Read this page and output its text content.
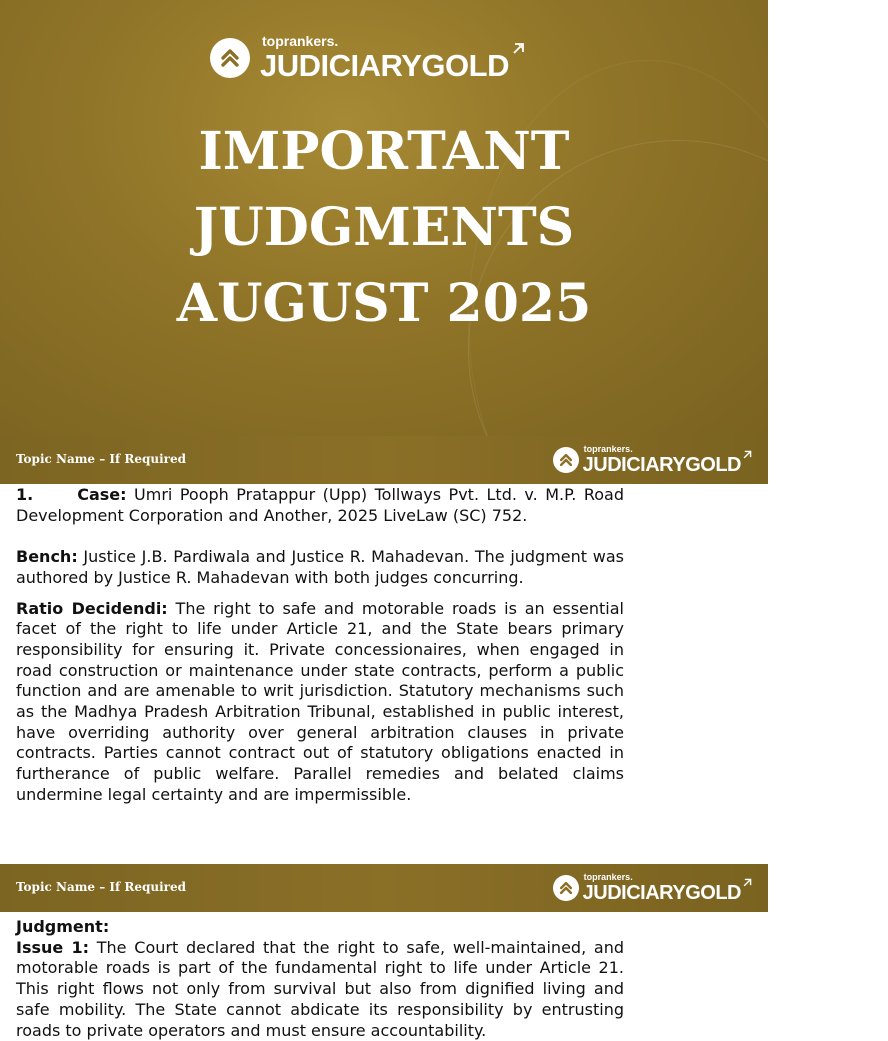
toprankers.
JUDICIARYGOLD
IMPORTANT
JUDGMENTS
AUGUST 2025
Topic Name – If Required
toprankers.
JUDICIARYGOLD

1.	Case: Umri Pooph Pratappur (Upp) Tollways Pvt. Ltd. v. M.P. Road Development Corporation and Another, 2025 LiveLaw (SC) 752.

Bench: Justice J.B. Pardiwala and Justice R. Mahadevan. The judgment was authored by Justice R. Mahadevan with both judges concurring.

Ratio Decidendi: The right to safe and motorable roads is an essential facet of the right to life under Article 21, and the State bears primary responsibility for ensuring it. Private concessionaires, when engaged in road construction or maintenance under state contracts, perform a public function and are amenable to writ jurisdiction. Statutory mechanisms such as the Madhya Pradesh Arbitration Tribunal, established in public interest, have overriding authority over general arbitration clauses in private contracts. Parties cannot contract out of statutory obligations enacted in furtherance of public welfare. Parallel remedies and belated claims undermine legal certainty and are impermissible.

Topic Name – If Required
toprankers.
JUDICIARYGOLD

Judgment:

Issue 1: The Court declared that the right to safe, well-maintained, and motorable roads is part of the fundamental right to life under Article 21. This right flows not only from survival but also from dignified living and safe mobility. The State cannot abdicate its responsibility by entrusting roads to private operators and must ensure accountability.
